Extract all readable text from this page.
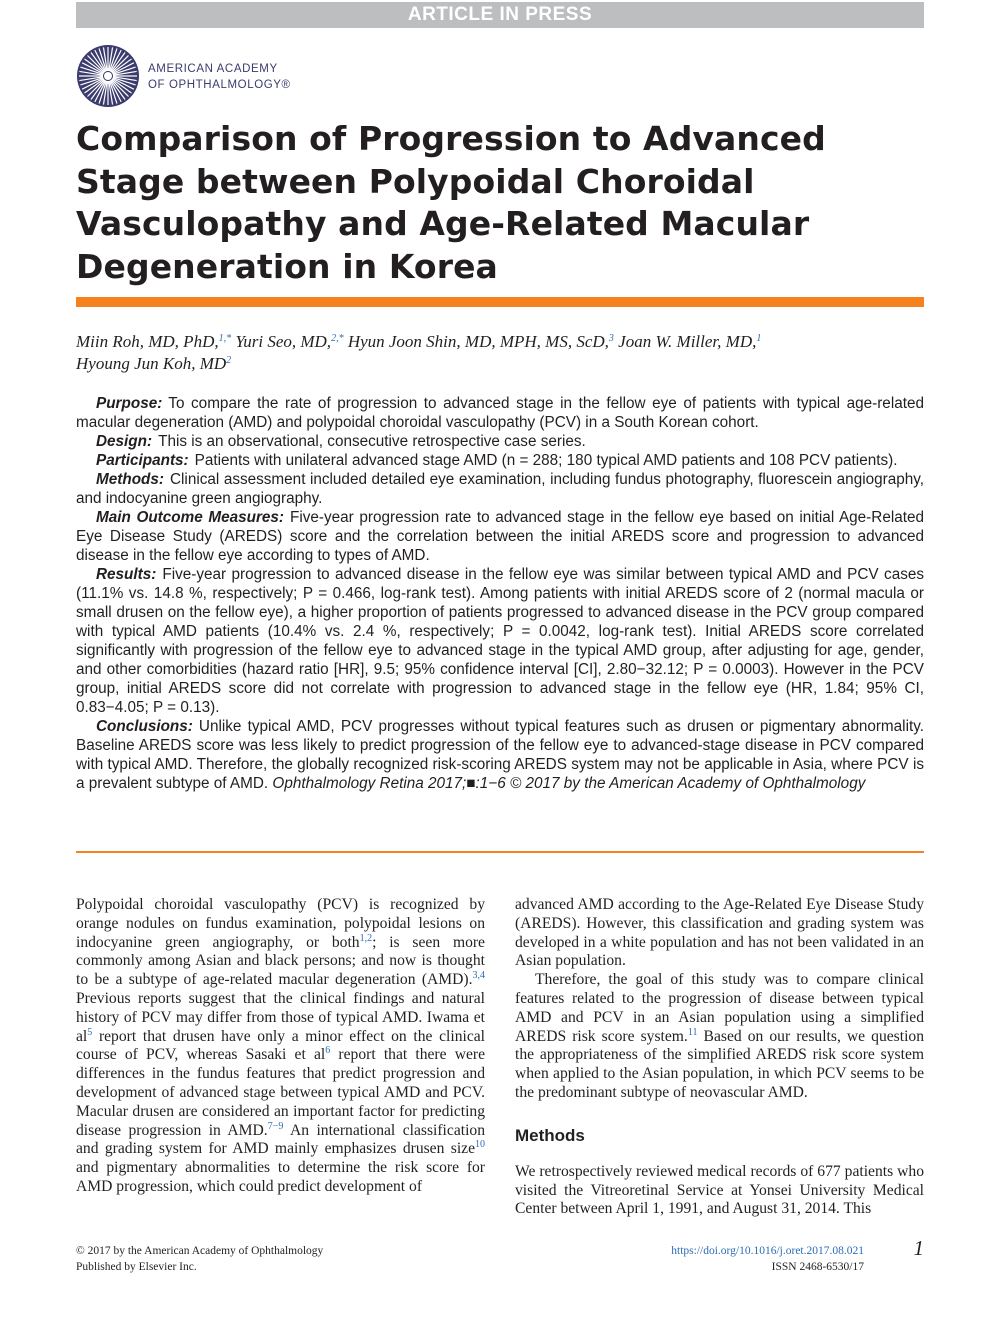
ARTICLE IN PRESS
AMERICAN ACADEMY
OF OPHTHALMOLOGY®
Comparison of Progression to Advanced
Stage between Polypoidal Choroidal
Vasculopathy and Age-Related Macular
Degeneration in Korea
Miin Roh, MD, PhD,$^{1,*}$ Yuri Seo, MD,$^{2,*}$ Hyun Joon Shin, MD, MPH, MS, ScD,$^3$ Joan W. Miller, MD,$^1$
Hyoung Jun Koh, $MD^2$

Purpose: To compare the rate of progression to advanced stage in the fellow eye of patients with typical age-related macular degeneration (AMD) and polypoidal choroidal vasculopathy (PCV) in a South Korean cohort.

Design: This is an observational, consecutive retrospective case series.

Participants: Patients with unilateral advanced stage AMD (n = 288; 180 typical AMD patients and 108 PCV patients).

Methods: Clinical assessment included detailed eye examination, including fundus photography, fluorescein angiography, and indocyanine green angiography.

Main Outcome Measures: Five-year progression rate to advanced stage in the fellow eye based on initial Age-Related Eye Disease Study (AREDS) score and the correlation between the initial AREDS score and progression to advanced disease in the fellow eye according to types of AMD.

Results: Five-year progression to advanced disease in the fellow eye was similar between typical AMD and PCV cases (11.1% vs. 14.8 %, respectively; P = 0.466, log-rank test). Among patients with initial AREDS score of 2 (normal macula or small drusen on the fellow eye), a higher proportion of patients progressed to advanced disease in the PCV group compared with typical AMD patients (10.4% vs. 2.4 %, respectively; P = 0.0042, log-rank test). Initial AREDS score correlated significantly with progression of the fellow eye to advanced stage in the typical AMD group, after adjusting for age, gender, and other comorbidities (hazard ratio [HR], 9.5; 95% confidence interval [CI], 2.80−32.12; P = 0.0003). However in the PCV group, initial AREDS score did not correlate with progression to advanced stage in the fellow eye (HR, 1.84; 95% CI, 0.83−4.05; P = 0.13).

Conclusions: Unlike typical AMD, PCV progresses without typical features such as drusen or pigmentary abnormality. Baseline AREDS score was less likely to predict progression of the fellow eye to advanced-stage disease in PCV compared with typical AMD. Therefore, the globally recognized risk-scoring AREDS system may not be applicable in Asia, where PCV is a prevalent subtype of AMD. Ophthalmology Retina 2017;■:1−6 © 2017 by the American Academy of Ophthalmology

Polypoidal choroidal vasculopathy (PCV) is recognized by orange nodules on fundus examination, polypoidal lesions on indocyanine green angiography, or both$^{1,2}$; is seen more commonly among Asian and black persons; and now is thought to be a subtype of age-related macular degeneration (AMD).$^{3,4}$ Previous reports suggest that the clinical findings and natural history of PCV may differ from those of typical AMD. Iwama et $al^5$ report that drusen have only a minor effect on the clinical course of PCV, whereas Sasaki et $al^6$ report that there were differences in the fundus features that predict progression and development of advanced stage between typical AMD and PCV. Macular drusen are considered an important factor for predicting disease progression in AMD.$^{7-9}$ An international classification and grading system for AMD mainly emphasizes drusen size$^{10}$ and pigmentary abnormalities to determine the risk score for AMD progression, which could predict development of

advanced AMD according to the Age-Related Eye Disease Study (AREDS). However, this classification and grading system was developed in a white population and has not been validated in an Asian population.

Therefore, the goal of this study was to compare clinical features related to the progression of disease between typical AMD and PCV in an Asian population using a simplified AREDS risk score system.$^{11}$ Based on our results, we question the appropriateness of the simplified AREDS risk score system when applied to the Asian population, in which PCV seems to be the predominant subtype of neovascular AMD.

Methods

We retrospectively reviewed medical records of 677 patients who visited the Vitreoretinal Service at Yonsei University Medical Center between April 1, 1991, and August 31, 2014. This

© 2017 by the American Academy of Ophthalmology
Published by Elsevier Inc.
https://doi.org/10.1016/j.oret.2017.08.021
ISSN 2468-6530/17
1
